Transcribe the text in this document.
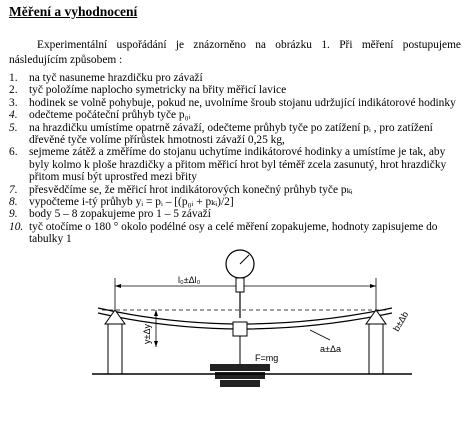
Měření a vyhodnocení
Experimentální uspořádání je znázorněno na obrázku 1. Při měření postupujeme následujícím způsobem :
1. na tyč nasuneme hrazdičku pro závaží
2. tyč položíme naplocho symetricky na břity měřicí lavice
3. hodinek se volně pohybuje, pokud ne, uvolníme šroub stojanu udržující indikátorové hodinky
4. odečteme počáteční průhyb tyče p₀ᵢ
5. na hrazdičku umístíme opatrně závaží, odečteme průhyb tyče po zatížení pᵢ , pro zatížení dřevěné tyče volíme přírůstek hmotnosti závaží 0,25 kg,
6. sejmeme zátěž a změříme do stojanu uchytíme indikátorové hodinky a umístíme je tak, aby byly kolmo k ploše hrazdičky a přitom měřicí hrot byl téměř zcela zasunutý, hrot hrazdičky přitom musí být uprostřed mezi břity
7. přesvědčíme se, že měřicí hrot indikátorových konečný průhyb tyče pₖᵢ
8. vypočteme i-tý průhyb yᵢ = pᵢ – [(p₀ᵢ + pₖᵢ)/2]
9. body 5 – 8 zopakujeme pro 1 – 5 závaží
10. tyč otočíme o 180 ° okolo podélné osy a celé měření zopakujeme, hodnoty zapisujeme do tabulky 1
l₀±Δl₀
y±Δy
F=mg
a±Δa
b±Δb
